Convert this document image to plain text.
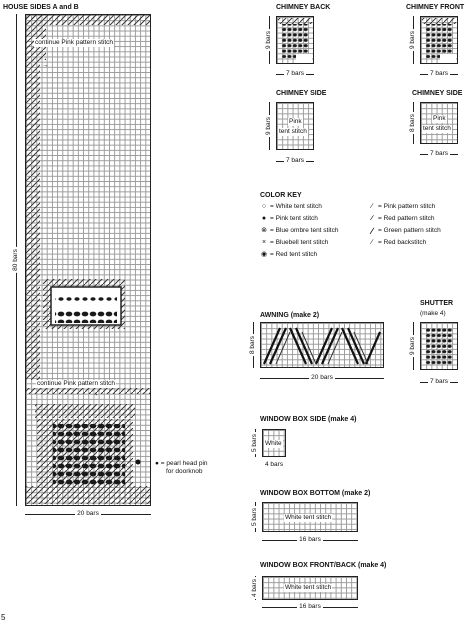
HOUSE SIDES A and B
continue Pink pattern stitch
→
continue Pink pattern stitch
→
80 bars
20 bars
● = pearl head pin
for doorknob
CHIMNEY BACK
9 bars
7 bars
CHIMNEY FRONT
9 bars
7 bars
CHIMNEY SIDE
Pink
tent stitch
9 bars
7 bars
CHIMNEY SIDE
Pink
tent stitch
8 bars
7 bars
COLOR KEY
○ = White tent stitch
● = Pink tent stitch
⊗ = Blue ombre tent stitch
× = Bluebell tent stitch
◉ = Red tent stitch
∕ = Pink pattern stitch
∕ = Red pattern stitch
∕ = Green pattern stitch
∕ = Red backstitch
AWNING (make 2)
8 bars
20 bars
SHUTTER
(make 4)
9 bars
7 bars
WINDOW BOX SIDE (make 4)
White
5 bars
4 bars
WINDOW BOX BOTTOM (make 2)
White tent stitch
5 bars
16 bars
WINDOW BOX FRONT/BACK (make 4)
White tent stitch
4 bars
16 bars
5
